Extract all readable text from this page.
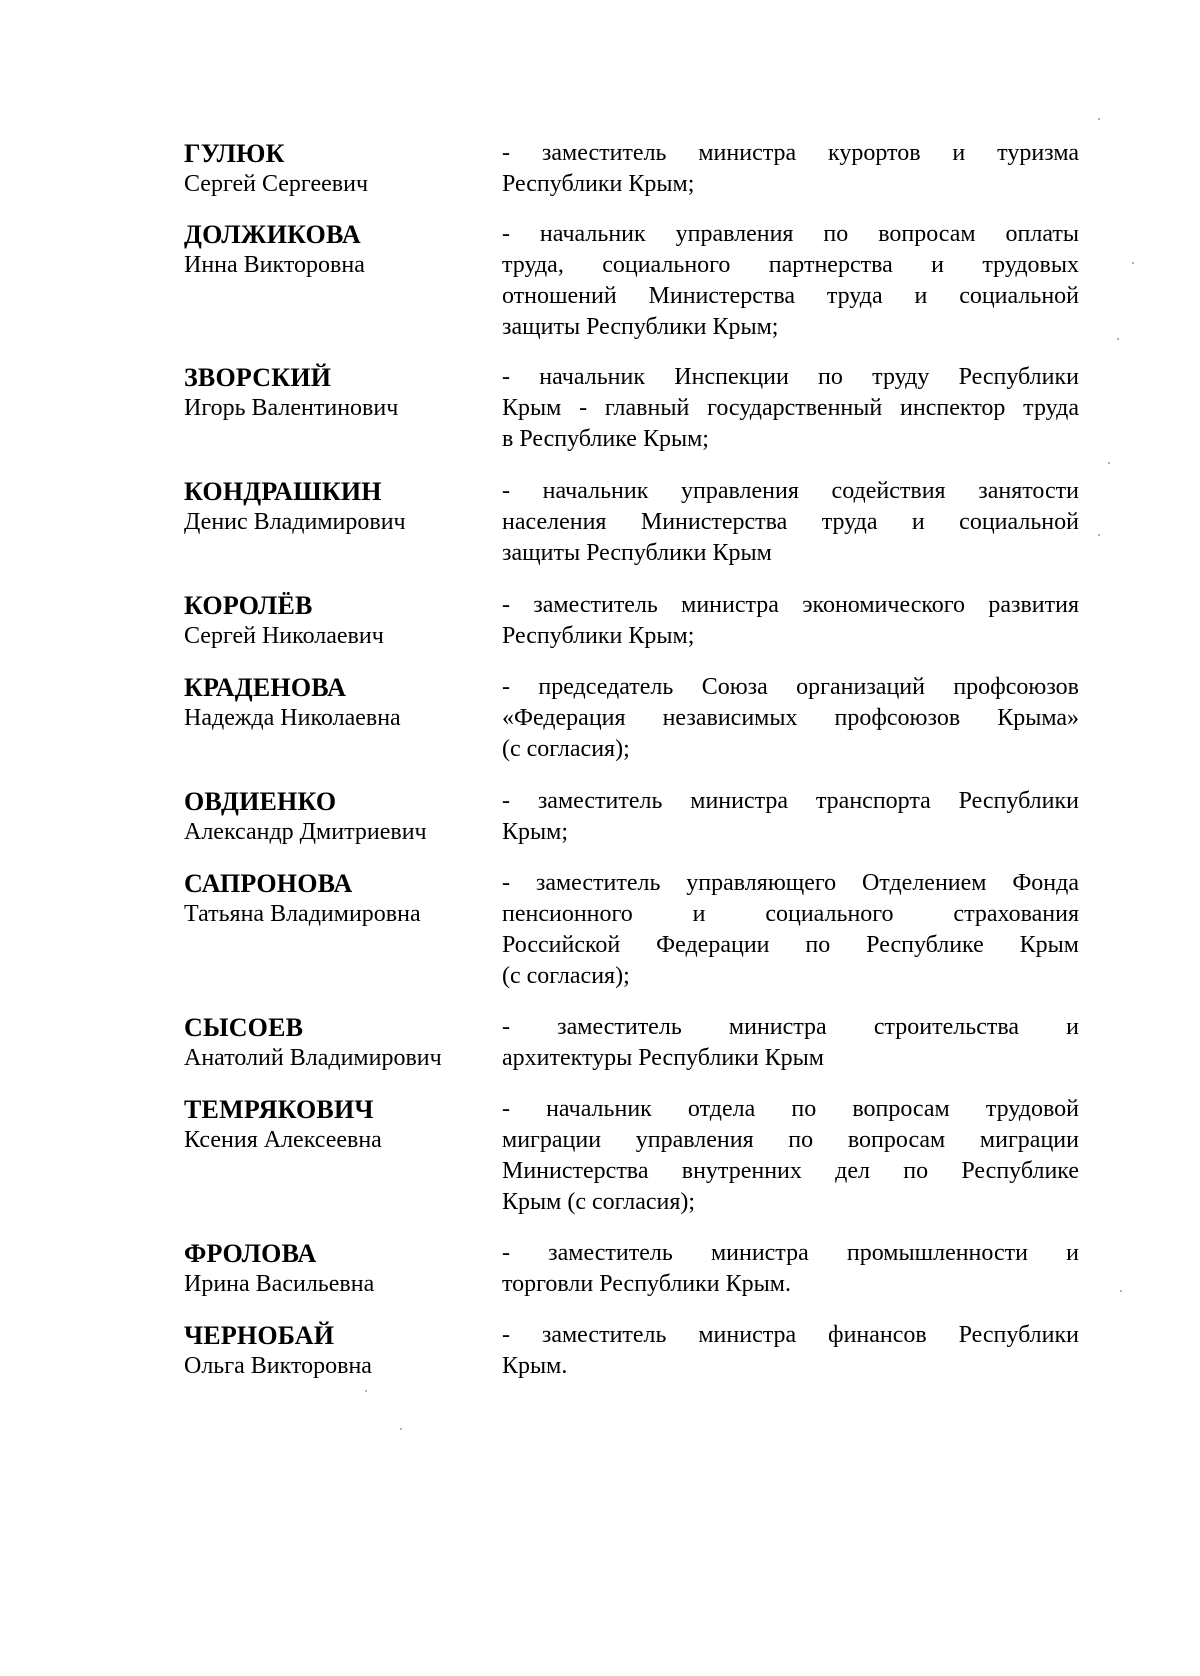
ГУЛЮК
Сергей Сергеевич
- заместитель министра курортов и туризма
Республики Крым;
ДОЛЖИКОВА
Инна Викторовна
- начальник управления по вопросам оплаты
труда, социального партнерства и трудовых
отношений Министерства труда и социальной
защиты Республики Крым;
ЗВОРСКИЙ
Игорь Валентинович
- начальник Инспекции по труду Республики
Крым - главный государственный инспектор труда
в Республике Крым;
КОНДРАШКИН
Денис Владимирович
- начальник управления содействия занятости
населения Министерства труда и социальной
защиты Республики Крым
КОРОЛЁВ
Сергей Николаевич
- заместитель министра экономического развития
Республики Крым;
КРАДЕНОВА
Надежда Николаевна
- председатель Союза организаций профсоюзов
«Федерация независимых профсоюзов Крыма»
(с согласия);
ОВДИЕНКО
Александр Дмитриевич
- заместитель министра транспорта Республики
Крым;
САПРОНОВА
Татьяна Владимировна
- заместитель управляющего Отделением Фонда
пенсионного и социального страхования
Российской Федерации по Республике Крым
(с согласия);
СЫСОЕВ
Анатолий Владимирович
- заместитель министра строительства и
архитектуры Республики Крым
ТЕМРЯКОВИЧ
Ксения Алексеевна
- начальник отдела по вопросам трудовой
миграции управления по вопросам миграции
Министерства внутренних дел по Республике
Крым (с согласия);
ФРОЛОВА
Ирина Васильевна
- заместитель министра промышленности и
торговли Республики Крым.
ЧЕРНОБАЙ
Ольга Викторовна
- заместитель министра финансов Республики
Крым.
